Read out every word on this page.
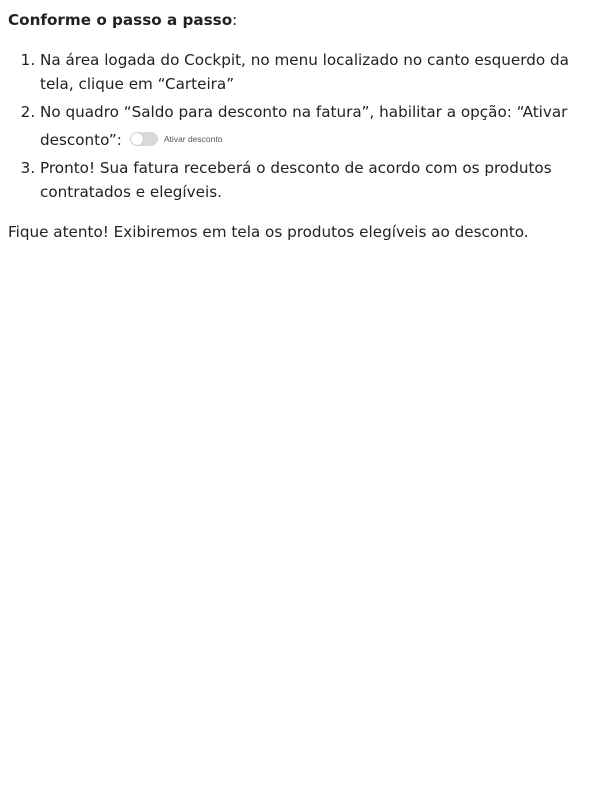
Conforme o passo a passo:

1. Na área logada do Cockpit, no menu localizado no canto esquerdo da tela, clique em “Carteira”
2. No quadro “Saldo para desconto na fatura”, habilitar a opção: “Ativar
desconto”:	Ativar desconto
3. Pronto! Sua fatura receberá o desconto de acordo com os produtos contratados e elegíveis.

Fique atento! Exibiremos em tela os produtos elegíveis ao desconto.
